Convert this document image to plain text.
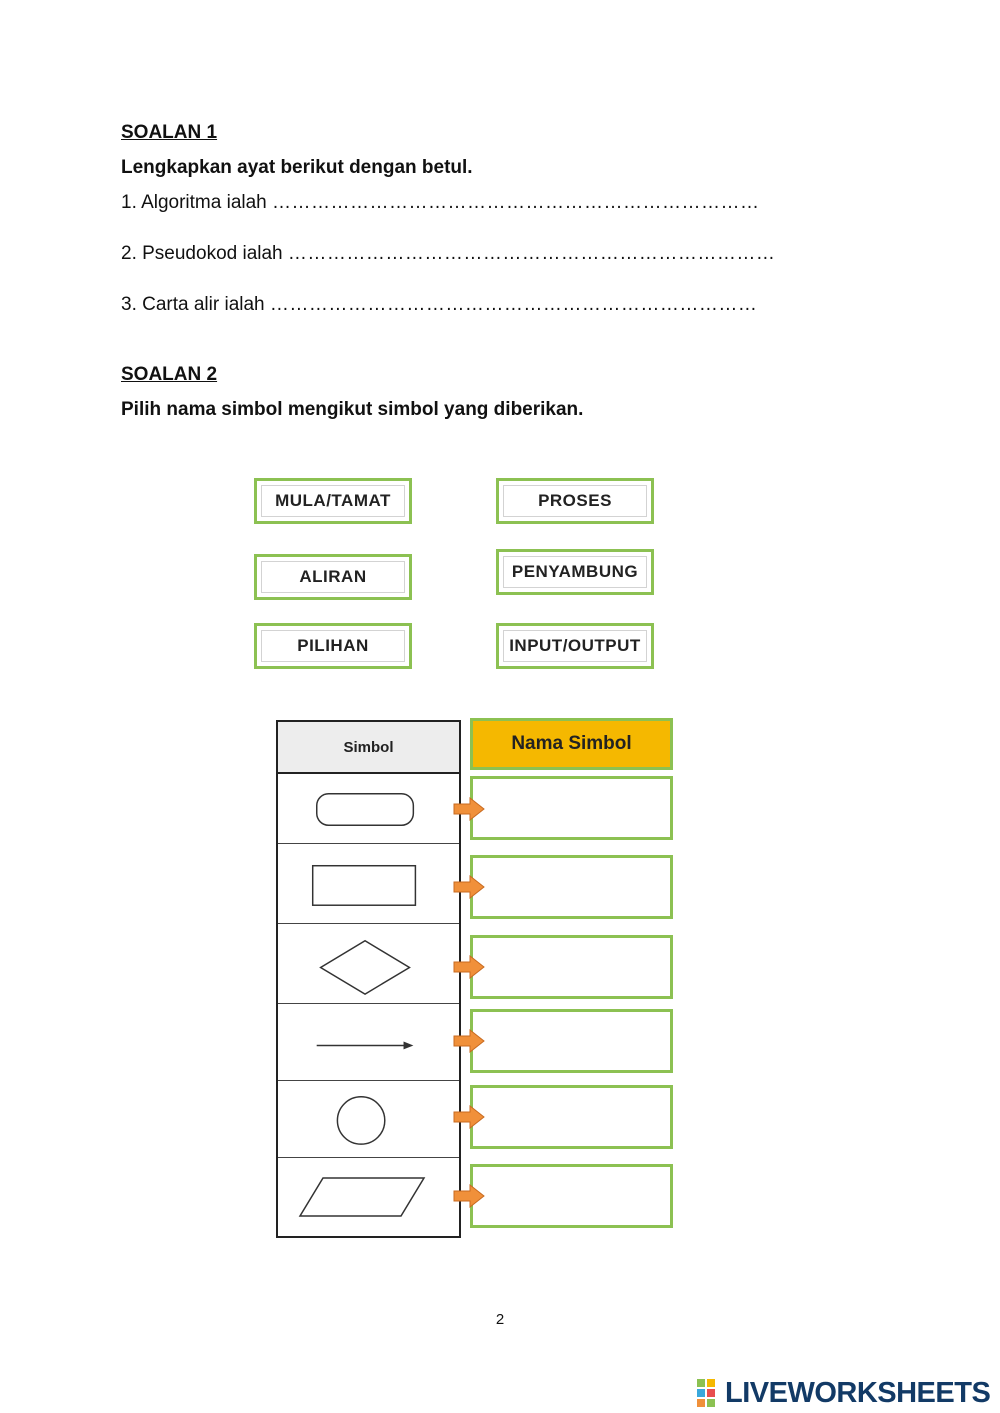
SOALAN 1
Lengkapkan ayat berikut dengan betul.
1. Algoritma ialah …………………………………………………………………
2. Pseudokod ialah …………………………………………………………………
3. Carta alir ialah …………………………………………………………………
SOALAN 2
Pilih nama simbol mengikut simbol yang diberikan.
MULA/TAMAT	PROSES
ALIRAN	PENYAMBUNG
PILIHAN	INPUT/OUTPUT
Simbol	Nama Simbol
2
LIVEWORKSHEETS
